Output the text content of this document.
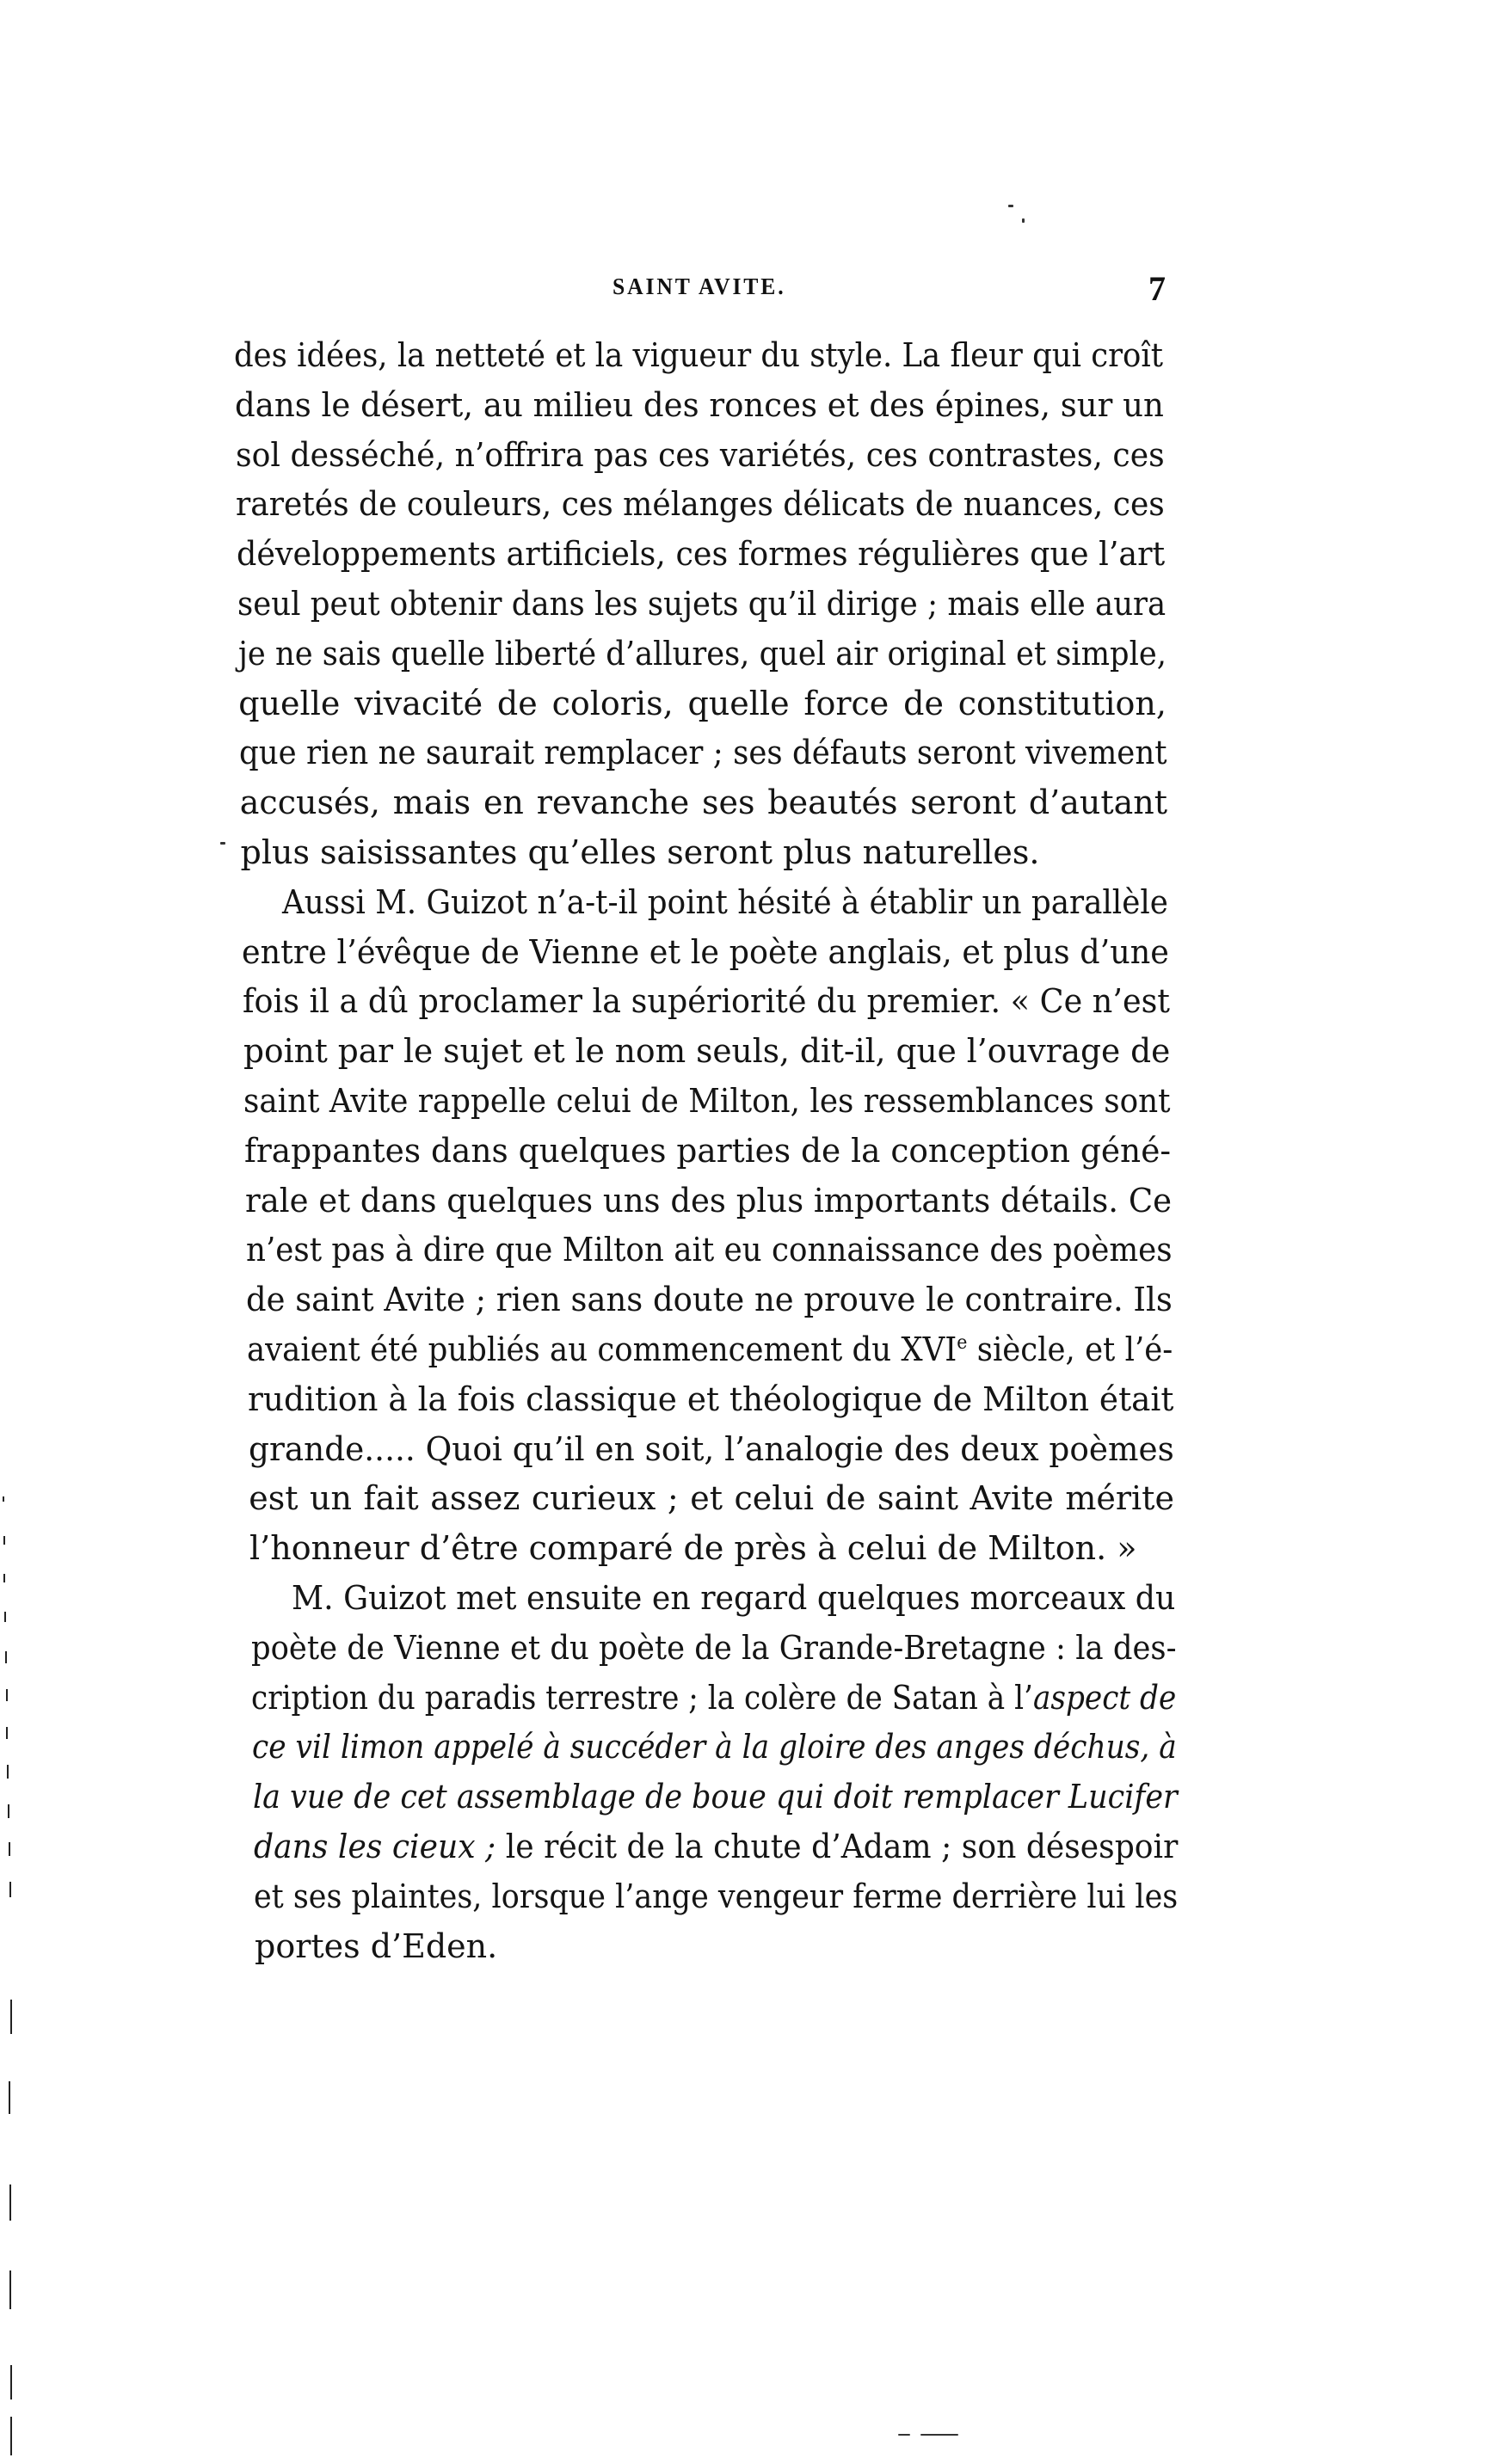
SAINT AVITE.	7
des idées, la netteté et la vigueur du style. La fleur qui croît
dans le désert, au milieu des ronces et des épines, sur un
sol desséché, n’offrira pas ces variétés, ces contrastes, ces
raretés de couleurs, ces mélanges délicats de nuances, ces
développements artificiels, ces formes régulières que l’art
seul peut obtenir dans les sujets qu’il dirige ; mais elle aura
je ne sais quelle liberté d’allures, quel air original et simple,
quelle vivacité de coloris, quelle force de constitution,
que rien ne saurait remplacer ; ses défauts seront vivement
accusés, mais en revanche ses beautés seront d’autant
plus saisissantes qu’elles seront plus naturelles.
Aussi M. Guizot n’a-t-il point hésité à établir un parallèle
entre l’évêque de Vienne et le poète anglais, et plus d’une
fois il a dû proclamer la supériorité du premier. « Ce n’est
point par le sujet et le nom seuls, dit-il, que l’ouvrage de
saint Avite rappelle celui de Milton, les ressemblances sont
frappantes dans quelques parties de la conception géné-
rale et dans quelques uns des plus importants détails. Ce
n’est pas à dire que Milton ait eu connaissance des poèmes
de saint Avite ; rien sans doute ne prouve le contraire. Ils
avaient été publiés au commencement du XVIe siècle, et l’é-
rudition à la fois classique et théologique de Milton était
grande..... Quoi qu’il en soit, l’analogie des deux poèmes
est un fait assez curieux ; et celui de saint Avite mérite
l’honneur d’être comparé de près à celui de Milton. »
M. Guizot met ensuite en regard quelques morceaux du
poète de Vienne et du poète de la Grande-Bretagne : la des-
cription du paradis terrestre ; la colère de Satan à l’aspect de
ce vil limon appelé à succéder à la gloire des anges déchus, à
la vue de cet assemblage de boue qui doit remplacer Lucifer
dans les cieux ; le récit de la chute d’Adam ; son désespoir
et ses plaintes, lorsque l’ange vengeur ferme derrière lui les
portes d’Eden.
